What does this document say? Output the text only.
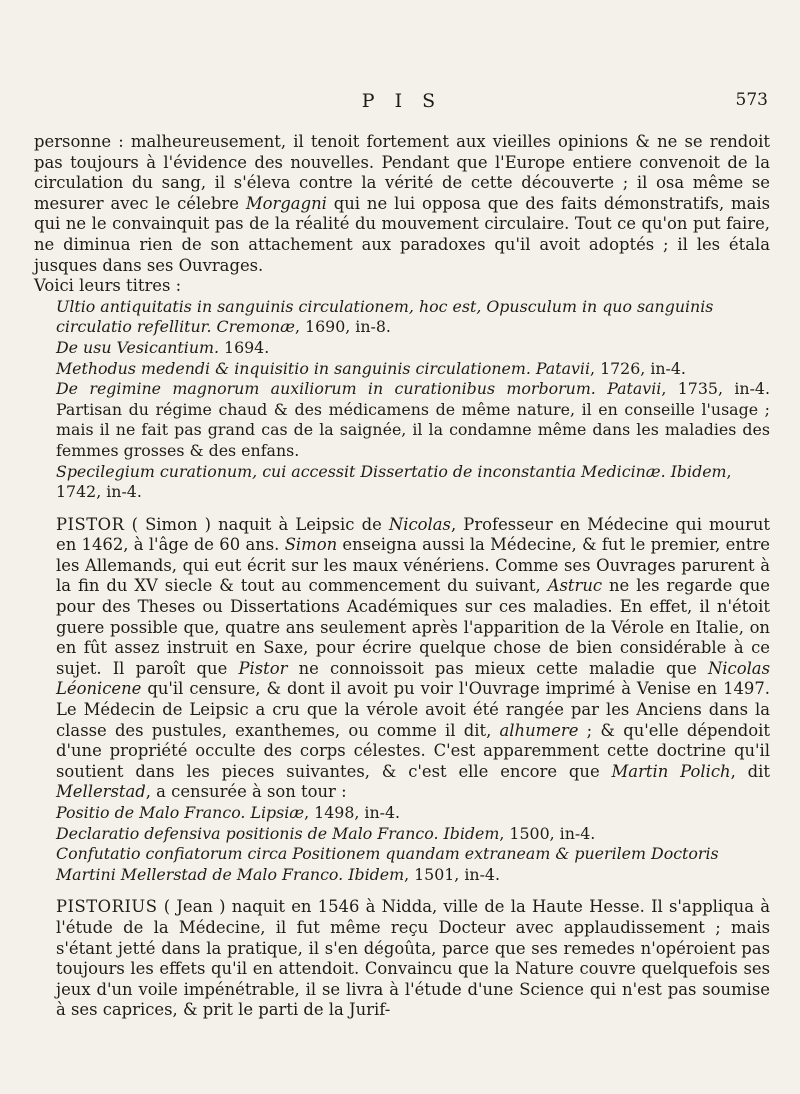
P I S	573

personne : malheureusement, il tenoit fortement aux vieilles opinions & ne se rendoit pas toujours à l'évidence des nouvelles. Pendant que l'Europe entiere convenoit de la circulation du sang, il s'éleva contre la vérité de cette découverte ; il osa même se mesurer avec le célebre Morgagni qui ne lui opposa que des faits démonstratifs, mais qui ne le convainquit pas de la réalité du mouvement circulaire. Tout ce qu'on put faire, ne diminua rien de son attachement aux paradoxes qu'il avoit adoptés ; il les étala jusques dans ses Ouvrages.

Voici leurs titres :

Ultio antiquitatis in sanguinis circulationem, hoc est, Opusculum in quo sanguinis circulatio refellitur. Cremonæ, 1690, in-8.

De usu Vesicantium. 1694.

Methodus medendi & inquisitio in sanguinis circulationem. Patavii, 1726, in-4.

De regimine magnorum auxiliorum in curationibus morborum. Patavii, 1735, in-4. Partisan du régime chaud & des médicamens de même nature, il en conseille l'usage ; mais il ne fait pas grand cas de la saignée, il la condamne même dans les maladies des femmes grosses & des enfans.

Specilegium curationum, cui accessit Dissertatio de inconstantia Medicinæ. Ibidem, 1742, in-4.

PISTOR ( Simon ) naquit à Leipsic de Nicolas, Professeur en Médecine qui mourut en 1462, à l'âge de 60 ans. Simon enseigna aussi la Médecine, & fut le premier, entre les Allemands, qui eut écrit sur les maux vénériens. Comme ses Ouvrages parurent à la fin du XV siecle & tout au commencement du suivant, Astruc ne les regarde que pour des Theses ou Dissertations Académiques sur ces maladies. En effet, il n'étoit guere possible que, quatre ans seulement après l'apparition de la Vérole en Italie, on en fût assez instruit en Saxe, pour écrire quelque chose de bien considérable à ce sujet. Il paroît que Pistor ne connoissoit pas mieux cette maladie que Nicolas Léonicene qu'il censure, & dont il avoit pu voir l'Ouvrage imprimé à Venise en 1497. Le Médecin de Leipsic a cru que la vérole avoit été rangée par les Anciens dans la classe des pustules, exanthemes, ou comme il dit, alhumere ; & qu'elle dépendoit d'une propriété occulte des corps célestes. C'est apparemment cette doctrine qu'il soutient dans les pieces suivantes, & c'est elle encore que Martin Polich, dit Mellerstad, a censurée à son tour :

Positio de Malo Franco. Lipsiæ, 1498, in-4.

Declaratio defensiva positionis de Malo Franco. Ibidem, 1500, in-4.

Confutatio confiatorum circa Positionem quandam extraneam & puerilem Doctoris Martini Mellerstad de Malo Franco. Ibidem, 1501, in-4.

PISTORIUS ( Jean ) naquit en 1546 à Nidda, ville de la Haute Hesse. Il s'appliqua à l'étude de la Médecine, il fut même reçu Docteur avec applaudissement ; mais s'étant jetté dans la pratique, il s'en dégoûta, parce que ses remedes n'opéroient pas toujours les effets qu'il en attendoit. Convaincu que la Nature couvre quelquefois ses jeux d'un voile impénétrable, il se livra à l'étude d'une Science qui n'est pas soumise à ses caprices, & prit le parti de la Jurif-
